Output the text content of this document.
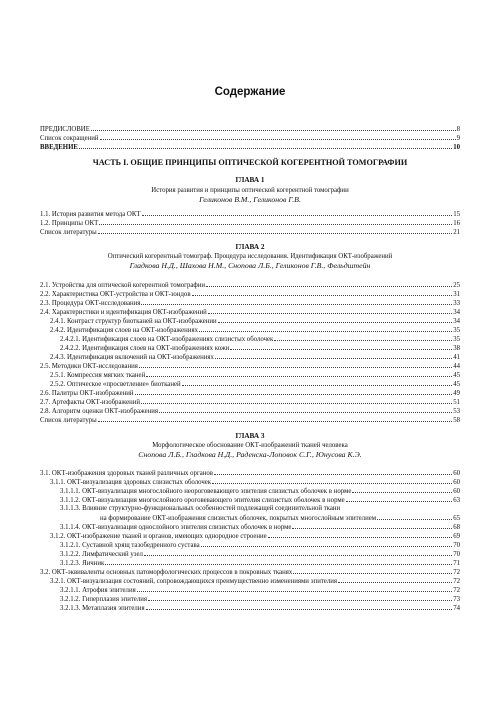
Содержание
ПРЕДИСЛОВИЕ	8
Список сокращений	9
ВВЕДЕНИЕ	10
ЧАСТЬ I. ОБЩИЕ ПРИНЦИПЫ ОПТИЧЕСКОЙ КОГЕРЕНТНОЙ ТОМОГРАФИИ
ГЛАВА 1
История развития и принципы оптической когерентной томографии
Геликонов В.М., Геликонов Г.В.
1.1. История развития метода ОКТ	15
1.2. Принципы ОКТ	16
Список литературы	21
ГЛАВА 2
Оптический когерентный томограф. Процедура исследования. Идентификация ОКТ-изображений
Гладкова Н.Д., Шахова Н.М., Снопова Л.Б., Геликонов Г.В., Фельдштейн
2.1. Устройства для оптической когерентной томографии	25
2.2. Характеристика ОКТ-устройства и ОКТ-зондов	31
2.3. Процедура ОКТ-исследования	33
2.4. Характеристики и идентификация ОКТ-изображений	34
2.4.1. Контраст структур биотканей на ОКТ-изображении	34
2.4.2. Идентификация слоев на ОКТ-изображениях	35
2.4.2.1. Идентификация слоев на ОКТ-изображениях слизистых оболочек	35
2.4.2.2. Идентификация слоев на ОКТ-изображениях кожи	38
2.4.3. Идентификация включений на ОКТ-изображениях	41
2.5. Методики ОКТ-исследования	44
2.5.1. Компрессия мягких тканей	45
2.5.2. Оптическое «просветление» биотканей	45
2.6. Палитры ОКТ-изображений	49
2.7. Артефакты ОКТ-изображений	51
2.8. Алгоритм оценки ОКТ-изображения	53
Список литературы	58
ГЛАВА 3
Морфологическое обоснование ОКТ-изображений тканей человека
Снопова Л.Б., Гладкова Н.Д., Раденска-Лоповок С.Г., Юнусова К.Э.
3.1. ОКТ-изображения здоровых тканей различных органов	60
3.1.1. ОКТ-визуализация здоровых слизистых оболочек	60
3.1.1.1. ОКТ-визуализация многослойного неороговевающего эпителия слизистых оболочек в норме	60
3.1.1.2. ОКТ-визуализация многослойного ороговевающего эпителия слизистых оболочек в норме	63
3.1.1.3. Влияние структурно-функциональных особенностей подлежащей соединительной ткани
на формирование ОКТ-изображения слизистых оболочек, покрытых многослойным эпителием	65
3.1.1.4. ОКТ-визуализация однослойного эпителия слизистых оболочек в норме	68
3.1.2. ОКТ-изображение тканей и органов, имеющих однородное строение	69
3.1.2.1. Суставной хрящ тазобедренного сустава	70
3.1.2.2. Лимфатический узел	70
3.1.2.3. Яичник	71
3.2. ОКТ-эквиваленты основных патоморфологических процессов в покровных тканях	72
3.2.1. ОКТ-визуализация состояний, сопровождающихся преимущественно изменениями эпителия	72
3.2.1.1. Атрофия эпителия	72
3.2.1.2. Гиперплазия эпителия	73
3.2.1.3. Метаплазия эпителия	74
